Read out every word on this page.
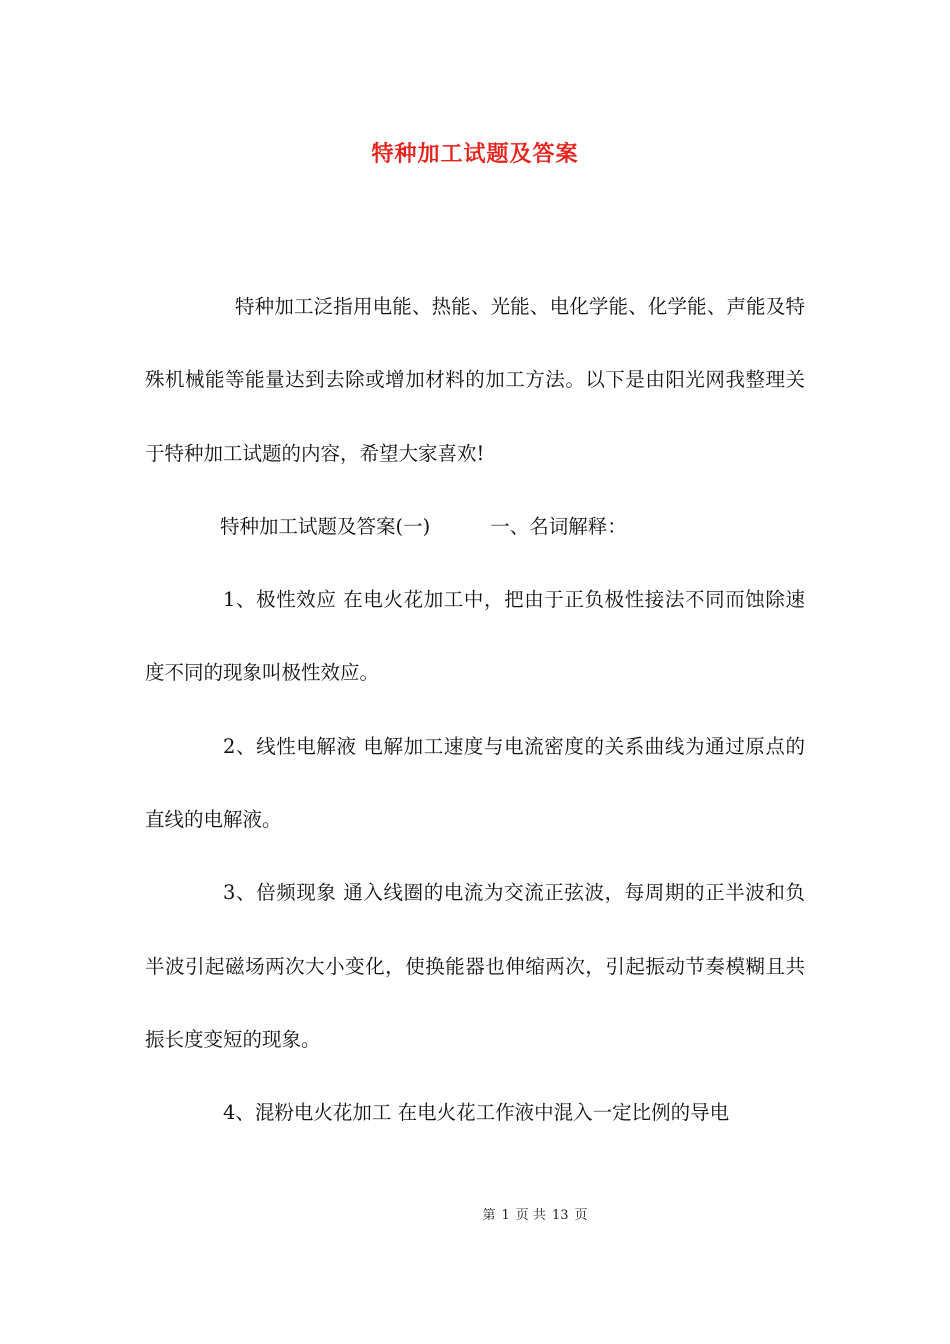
特种加工试题及答案

特种加工泛指用电能、热能、光能、电化学能、化学能、声能及特殊机械能等能量达到去除或增加材料的加工方法。以下是由阳光网我整理关于特种加工试题的内容，希望大家喜欢!

特种加工试题及答案(一)	一、名词解释：

1、极性效应 在电火花加工中，把由于正负极性接法不同而蚀除速度不同的现象叫极性效应。

2、线性电解液 电解加工速度与电流密度的关系曲线为通过原点的直线的电解液。

3、倍频现象 通入线圈的电流为交流正弦波，每周期的正半波和负半波引起磁场两次大小变化，使换能器也伸缩两次，引起振动节奏模糊且共振长度变短的现象。

4、混粉电火花加工 在电火花工作液中混入一定比例的导电

第 1 页 共 13 页
